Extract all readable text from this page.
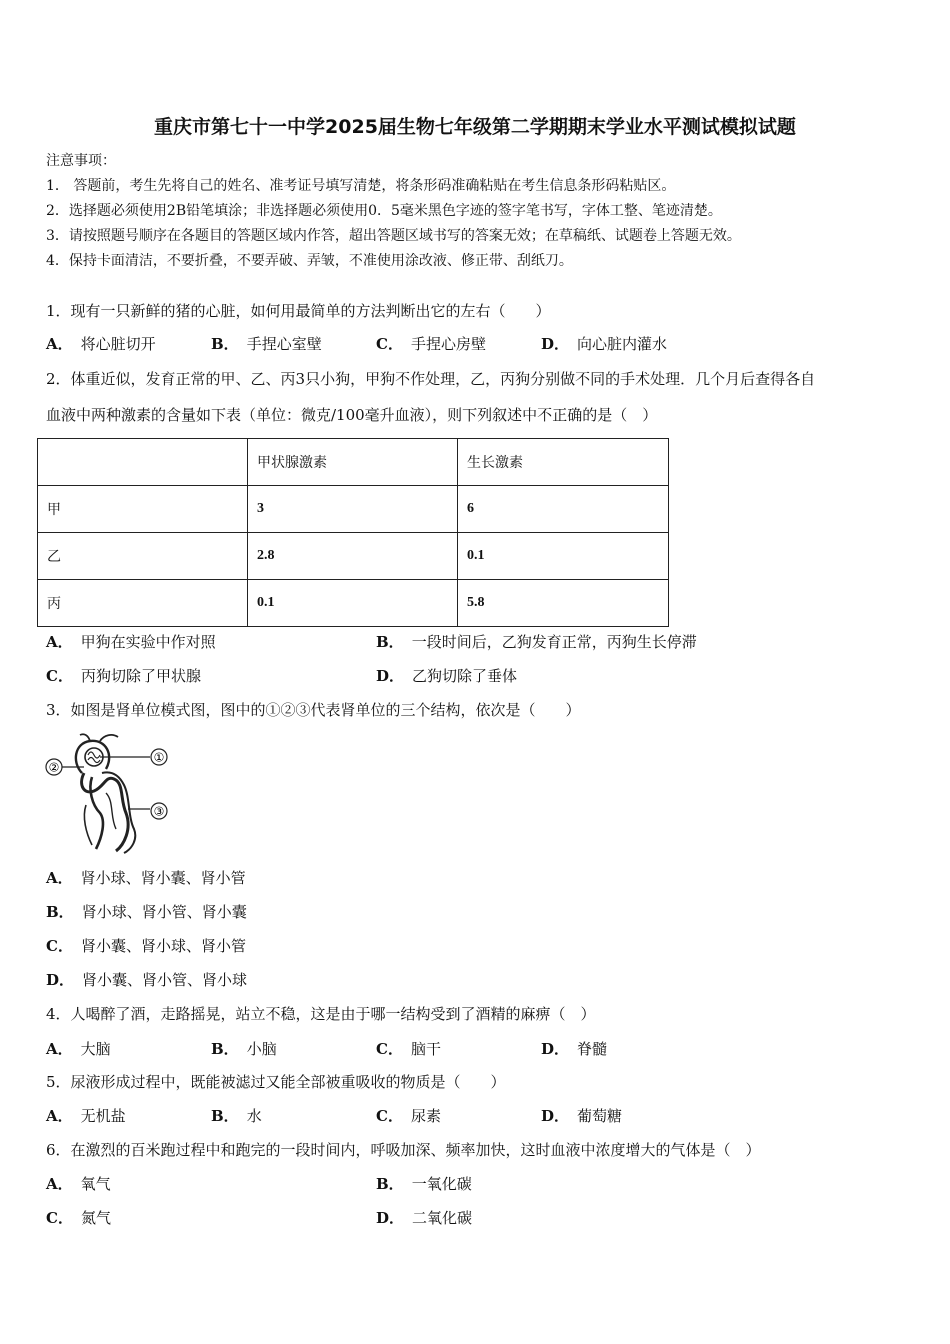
重庆市第七十一中学2025届生物七年级第二学期期末学业水平测试模拟试题
注意事项：
1． 答题前，考生先将自己的姓名、准考证号填写清楚，将条形码准确粘贴在考生信息条形码粘贴区。
2．选择题必须使用2B铅笔填涂；非选择题必须使用0．5毫米黑色字迹的签字笔书写，字体工整、笔迹清楚。
3．请按照题号顺序在各题目的答题区域内作答，超出答题区域书写的答案无效；在草稿纸、试题卷上答题无效。
4．保持卡面清洁，不要折叠，不要弄破、弄皱，不准使用涂改液、修正带、刮纸刀。
1．现有一只新鲜的猪的心脏，如何用最简单的方法判断出它的左右（　　）
A． 将心脏切开	B． 手捏心室壁	C． 手捏心房壁	D． 向心脏内灌水
2．体重近似，发育正常的甲、乙、丙3只小狗，甲狗不作处理，乙，丙狗分别做不同的手术处理．几个月后查得各自
血液中两种激素的含量如下表（单位：微克/100毫升血液），则下列叙述中不正确的是（　）
	甲状腺激素	生长激素
甲	3	6
乙	2.8	0.1
丙	0.1	5.8
A． 甲狗在实验中作对照	B． 一段时间后，乙狗发育正常，丙狗生长停滞
C． 丙狗切除了甲状腺	D． 乙狗切除了垂体
3．如图是肾单位模式图，图中的①②③代表肾单位的三个结构，依次是（　　）
①
②
③
A． 肾小球、肾小囊、肾小管
B． 肾小球、肾小管、肾小囊
C． 肾小囊、肾小球、肾小管
D． 肾小囊、肾小管、肾小球
4．人喝醉了酒，走路摇晃，站立不稳，这是由于哪一结构受到了酒精的麻痹（　）
A． 大脑	B． 小脑	C． 脑干	D． 脊髓
5．尿液形成过程中，既能被滤过又能全部被重吸收的物质是（　　）
A． 无机盐	B． 水	C． 尿素	D． 葡萄糖
6．在激烈的百米跑过程中和跑完的一段时间内，呼吸加深、频率加快，这时血液中浓度增大的气体是（　）
A． 氧气	B． 一氧化碳
C． 氮气	D． 二氧化碳
